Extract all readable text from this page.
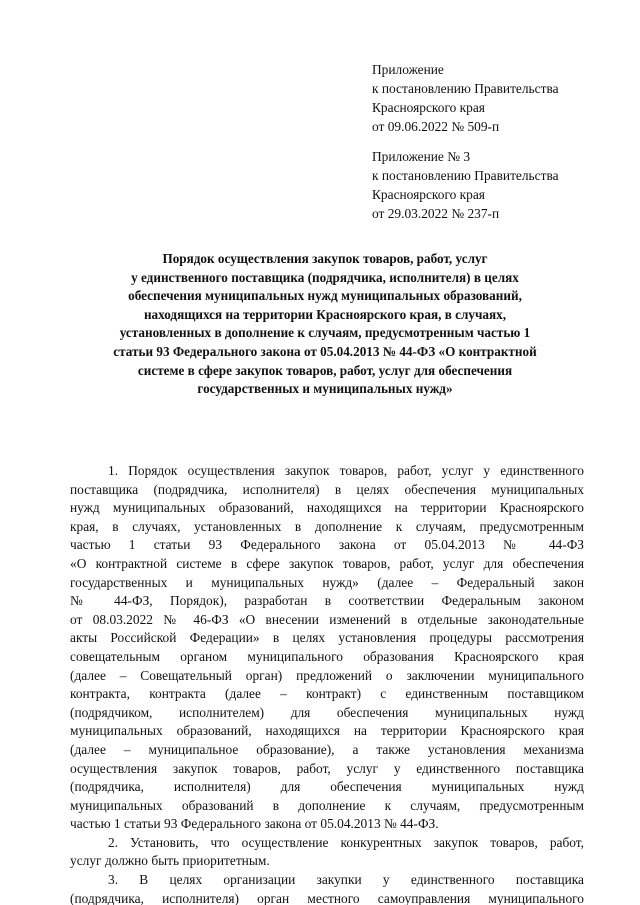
Приложение
к постановлению Правительства
Красноярского края
от 09.06.2022 № 509-п
Приложение № 3
к постановлению Правительства
Красноярского края
от 29.03.2022 № 237-п
Порядок осуществления закупок товаров, работ, услуг
у единственного поставщика (подрядчика, исполнителя) в целях
обеспечения муниципальных нужд муниципальных образований,
находящихся на территории Красноярского края, в случаях,
установленных в дополнение к случаям, предусмотренным частью 1
статьи 93 Федерального закона от 05.04.2013 № 44-ФЗ «О контрактной
системе в сфере закупок товаров, работ, услуг для обеспечения
государственных и муниципальных нужд»
1. Порядок осуществления закупок товаров, работ, услуг у единственного
поставщика (подрядчика, исполнителя) в целях обеспечения муниципальных
нужд муниципальных образований, находящихся на территории Красноярского
края, в случаях, установленных в дополнение к случаям, предусмотренным
частью 1 статьи 93 Федерального закона от 05.04.2013 № 44-ФЗ
«О контрактной системе в сфере закупок товаров, работ, услуг для обеспечения
государственных и муниципальных нужд» (далее – Федеральный закон
№ 44-ФЗ, Порядок), разработан в соответствии Федеральным законом
от 08.03.2022 № 46-ФЗ «О внесении изменений в отдельные законодательные
акты Российской Федерации» в целях установления процедуры рассмотрения
совещательным органом муниципального образования Красноярского края
(далее – Совещательный орган) предложений о заключении муниципального
контракта, контракта (далее – контракт) с единственным поставщиком
(подрядчиком, исполнителем) для обеспечения муниципальных нужд
муниципальных образований, находящихся на территории Красноярского края
(далее – муниципальное образование), а также установления механизма
осуществления закупок товаров, работ, услуг у единственного поставщика
(подрядчика, исполнителя) для обеспечения муниципальных нужд
муниципальных образований в дополнение к случаям, предусмотренным
частью 1 статьи 93 Федерального закона от 05.04.2013 № 44-ФЗ.
2. Установить, что осуществление конкурентных закупок товаров, работ,
услуг должно быть приоритетным.
3. В целях организации закупки у единственного поставщика
(подрядчика, исполнителя) орган местного самоуправления муниципального
